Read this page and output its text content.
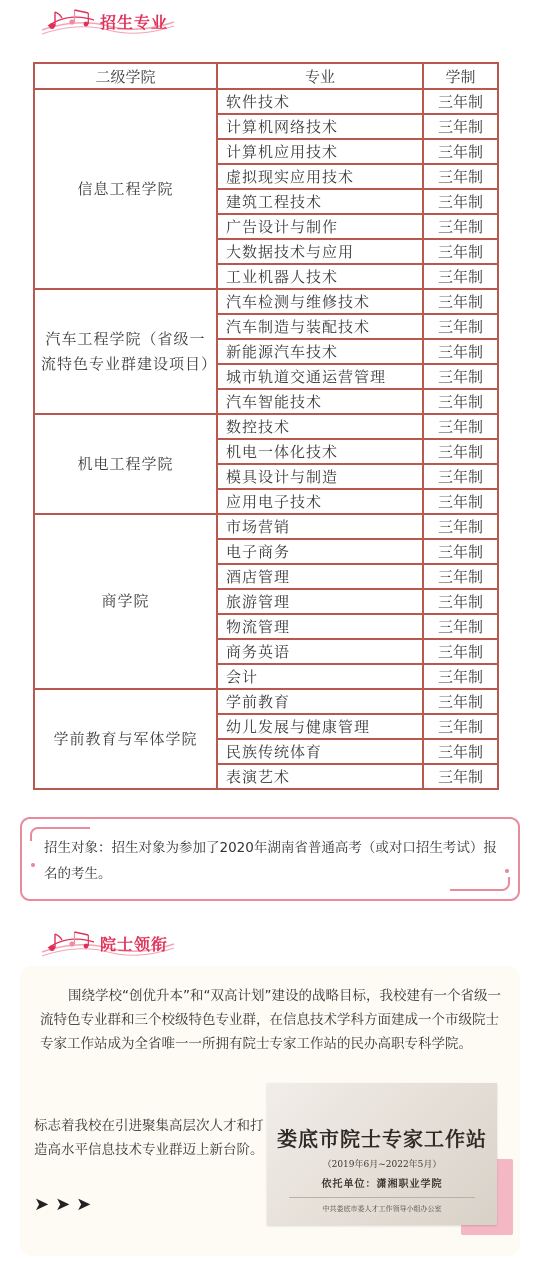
招生专业
二级学院	专业	学制
信息工程学院	软件技术	三年制
	计算机网络技术	三年制
	计算机应用技术	三年制
	虚拟现实应用技术	三年制
	建筑工程技术	三年制
	广告设计与制作	三年制
	大数据技术与应用	三年制
	工业机器人技术	三年制
汽车工程学院（省级一流特色专业群建设项目）	汽车检测与维修技术	三年制
	汽车制造与装配技术	三年制
	新能源汽车技术	三年制
	城市轨道交通运营管理	三年制
	汽车智能技术	三年制
机电工程学院	数控技术	三年制
	机电一体化技术	三年制
	模具设计与制造	三年制
	应用电子技术	三年制
商学院	市场营销	三年制
	电子商务	三年制
	酒店管理	三年制
	旅游管理	三年制
	物流管理	三年制
	商务英语	三年制
	会计	三年制
学前教育与军体学院	学前教育	三年制
	幼儿发展与健康管理	三年制
	民族传统体育	三年制
	表演艺术	三年制

招生对象：招生对象为参加了2020年湖南省普通高考（或对口招生考试）报名的考生。

院士领衔

围绕学校“创优升本”和“双高计划”建设的战略目标，我校建有一个省级一流特色专业群和三个校级特色专业群，在信息技术学科方面建成一个市级院士专家工作站成为全省唯一一所拥有院士专家工作站的民办高职专科学院。

标志着我校在引进聚集高层次人才和打造高水平信息技术专业群迈上新台阶。

➤➤➤
娄底市院士专家工作站
（2019年6月~2022年5月）
依托单位：潇湘职业学院
中共娄底市委人才工作领导小组办公室
